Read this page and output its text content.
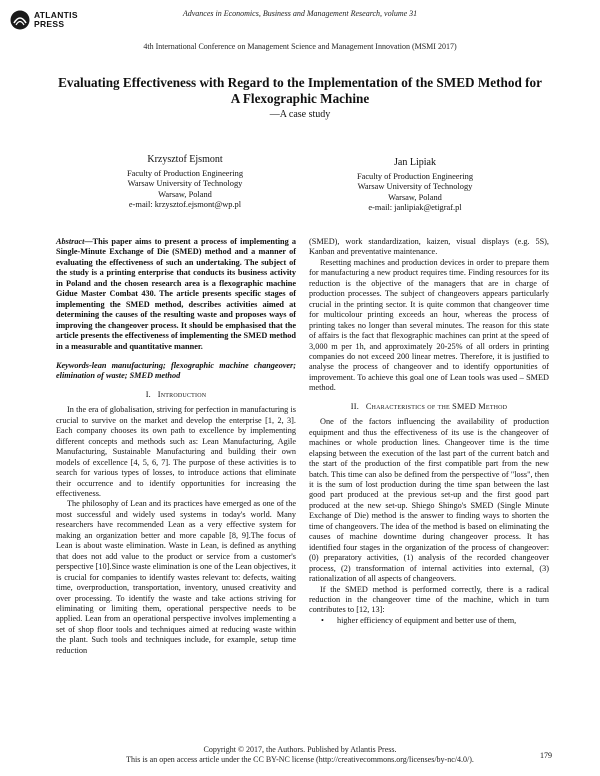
ATLANTIS
PRESS
Advances in Economics, Business and Management Research, volume 31
4th International Conference on Management Science and Management Innovation (MSMI 2017)
Evaluating Effectiveness with Regard to the Implementation of the SMED Method for A Flexographic Machine
—A case study
Krzysztof Ejsmont
Faculty of Production Engineering
Warsaw University of Technology
Warsaw, Poland
e-mail: krzysztof.ejsmont@wp.pl
Jan Lipiak
Faculty of Production Engineering
Warsaw University of Technology
Warsaw, Poland
e-mail: janlipiak@etigraf.pl

Abstract—This paper aims to present a process of implementing a Single-Minute Exchange of Die (SMED) method and a manner of evaluating the effectiveness of such an undertaking. The subject of the study is a printing enterprise that conducts its business activity in Poland and the chosen research area is a flexographic machine Gidue Master Combat 430. The article presents specific stages of implementing the SMED method, describes activities aimed at determining the causes of the resulting waste and proposes ways of improving the changeover process. It should be emphasised that the article presents the effectiveness of implementing the SMED method in a measurable and quantitative manner.

Keywords-lean manufacturing; flexographic machine changeover; elimination of waste; SMED method

I. Introduction

In the era of globalisation, striving for perfection in manufacturing is crucial to survive on the market and develop the enterprise [1, 2, 3]. Each company chooses its own path to excellence by implementing different concepts and methods such as: Lean Manufacturing, Agile Manufacturing, Sustainable Manufacturing and building their own models of excellence [4, 5, 6, 7]. The purpose of these activities is to search for various types of losses, to introduce actions that eliminate their occurrence and to identify opportunities for increasing the effectiveness.

The philosophy of Lean and its practices have emerged as one of the most successful and widely used systems in today's world. Many researchers have recommended Lean as a very effective system for making an organization better and more capable [8, 9].The focus of Lean is about waste elimination. Waste in Lean, is defined as anything that does not add value to the product or service from a customer's perspective [10].Since waste elimination is one of the Lean objectives, it is crucial for companies to identify wastes relevant to: defects, waiting time, overproduction, transportation, inventory, unused creativity and over processing. To identify the waste and take actions striving for eliminating or limiting them, operational perspective needs to be applied. Lean from an operational perspective involves implementing a set of shop floor tools and techniques aimed at reducing waste within the plant. Such tools and techniques include, for example, setup time reduction

(SMED), work standardization, kaizen, visual displays (e.g. 5S), Kanban and preventative maintenance.

Resetting machines and production devices in order to prepare them for manufacturing a new product requires time. Finding resources for its reduction is the objective of the managers that are in charge of production processes. The subject of changeovers appears particularly crucial in the printing sector. It is quite common that changeover time for multicolour printing exceeds an hour, whereas the process of printing takes no longer than several minutes. The reason for this state of affairs is the fact that flexographic machines can print at the speed of 3,000 m per 1h, and approximately 20-25% of all orders in printing companies do not exceed 200 linear metres. Therefore, it is justified to analyse the process of changeover and to identify opportunities of improvement. To achieve this goal one of Lean tools was used – SMED method.

II. Characteristics of the SMED Method

One of the factors influencing the availability of production equipment and thus the effectiveness of its use is the changeover of machines or whole production lines. Changeover time is the time elapsing between the execution of the last part of the current batch and the start of the production of the first compatible part from the new batch. This time can also be defined from the perspective of "loss", then it is the sum of lost production during the time span between the last good part produced at the previous set-up and the first good part produced at the new set-up. Shiego Shingo's SMED (Single Minute Exchange of Die) method is the answer to finding ways to shorten the time of changeovers. The idea of the method is based on eliminating the causes of machine downtime during changeover process. It has identified four stages in the organization of the process of changeover: (0) preparatory activities, (1) analysis of the recorded changeover process, (2) transformation of internal activities into external, (3) rationalization of all aspects of changeovers.

If the SMED method is performed correctly, there is a radical reduction in the changeover time of the machine, which in turn contributes to [12, 13]:

• higher efficiency of equipment and better use of them,
Copyright © 2017, the Authors. Published by Atlantis Press.
This is an open access article under the CC BY-NC license (http://creativecommons.org/licenses/by-nc/4.0/).	179
